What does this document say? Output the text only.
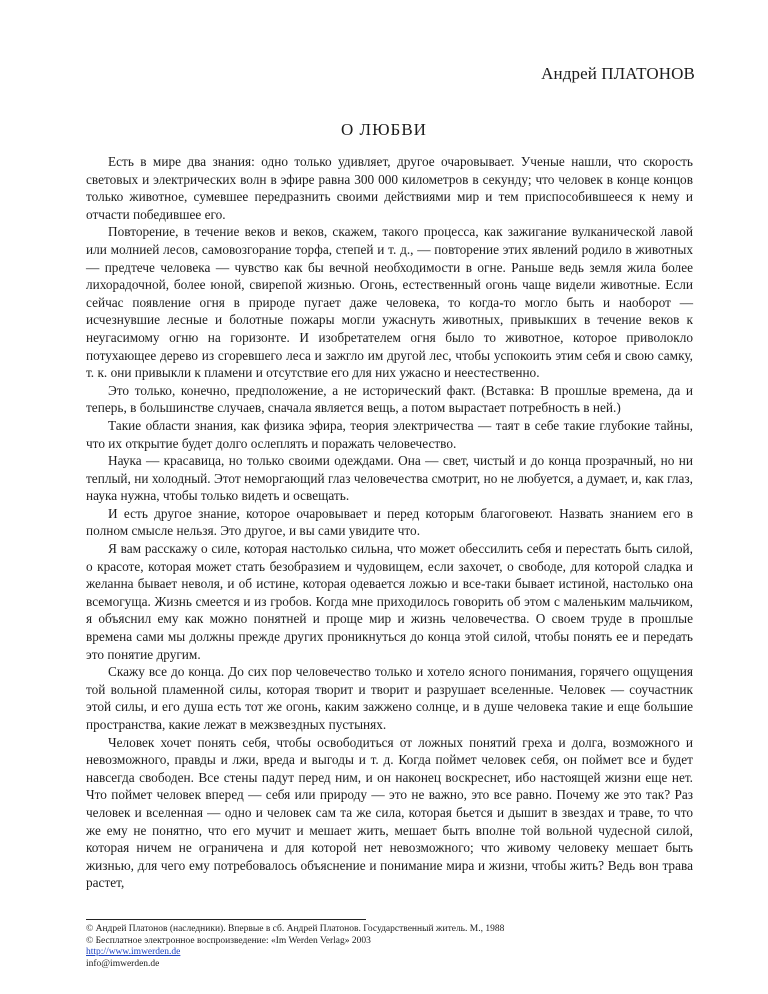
Андрей ПЛАТОНОВ
О ЛЮБВИ

Есть в мире два знания: одно только удивляет, другое очаровывает. Ученые нашли, что скорость световых и электрических волн в эфире равна 300 000 километров в секунду; что человек в конце концов только животное, сумевшее передразнить своими действиями мир и тем приспособившееся к нему и отчасти победившее его.

Повторение, в течение веков и веков, скажем, такого процесса, как зажигание вулканической лавой или молнией лесов, самовозгорание торфа, степей и т. д., — повторение этих явлений родило в животных — предтече человека — чувство как бы вечной необходимости в огне. Раньше ведь земля жила более лихорадочной, более юной, свирепой жизнью. Огонь, естественный огонь чаще видели животные. Если сейчас появление огня в природе пугает даже человека, то когда-то могло быть и наоборот — исчезнувшие лесные и болотные пожары могли ужаснуть животных, привыкших в течение веков к неугасимому огню на горизонте. И изобретателем огня было то животное, которое приволокло потухающее дерево из сгоревшего леса и зажгло им другой лес, чтобы успокоить этим себя и свою самку, т. к. они привыкли к пламени и отсутствие его для них ужасно и неестественно.

Это только, конечно, предположение, а не исторический факт. (Вставка: В прошлые времена, да и теперь, в большинстве случаев, сначала является вещь, а потом вырастает потребность в ней.)

Такие области знания, как физика эфира, теория электричества — таят в себе такие глубокие тайны, что их открытие будет долго ослеплять и поражать человечество.

Наука — красавица, но только своими одеждами. Она — свет, чистый и до конца прозрачный, но ни теплый, ни холодный. Этот неморгающий глаз человечества смотрит, но не любуется, а думает, и, как глаз, наука нужна, чтобы только видеть и освещать.

И есть другое знание, которое очаровывает и перед которым благоговеют. Назвать знанием его в полном смысле нельзя. Это другое, и вы сами увидите что.

Я вам расскажу о силе, которая настолько сильна, что может обессилить себя и перестать быть силой, о красоте, которая может стать безобразием и чудовищем, если захочет, о свободе, для которой сладка и желанна бывает неволя, и об истине, которая одевается ложью и все-таки бывает истиной, настолько она всемогуща. Жизнь смеется и из гробов. Когда мне приходилось говорить об этом с маленьким мальчиком, я объяснил ему как можно понятней и проще мир и жизнь человечества. О своем труде в прошлые времена сами мы должны прежде других проникнуться до конца этой силой, чтобы понять ее и передать это понятие другим.

Скажу все до конца. До сих пор человечество только и хотело ясного понимания, горячего ощущения той вольной пламенной силы, которая творит и творит и разрушает вселенные. Человек — соучастник этой силы, и его душа есть тот же огонь, каким зажжено солнце, и в душе человека такие и еще большие пространства, какие лежат в межзвездных пустынях.

Человек хочет понять себя, чтобы освободиться от ложных понятий греха и долга, возможного и невозможного, правды и лжи, вреда и выгоды и т. д. Когда поймет человек себя, он поймет все и будет навсегда свободен. Все стены падут перед ним, и он наконец воскреснет, ибо настоящей жизни еще нет. Что поймет человек вперед — себя или природу — это не важно, это все равно. Почему же это так? Раз человек и вселенная — одно и человек сам та же сила, которая бьется и дышит в звездах и траве, то что же ему не понятно, что его мучит и мешает жить, мешает быть вполне той вольной чудесной силой, которая ничем не ограничена и для которой нет невозможного; что живому человеку мешает быть жизнью, для чего ему потребовалось объяснение и понимание мира и жизни, чтобы жить? Ведь вон трава растет,

© Андрей Платонов (наследники). Впервые в сб. Андрей Платонов. Государственный житель. М., 1988
© Бесплатное электронное воспроизведение: «Im Werden Verlag» 2003
http://www.imwerden.de
info@imwerden.de
